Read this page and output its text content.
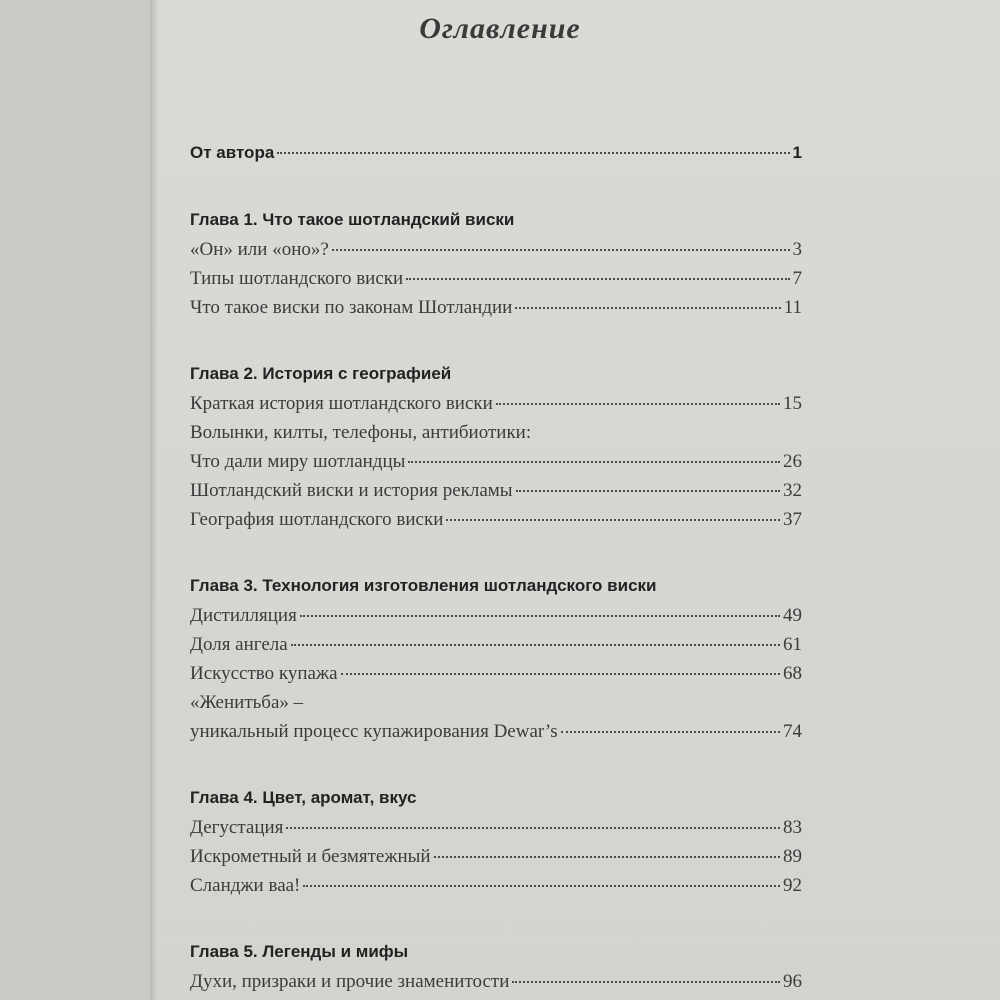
Оглавление
От автора	1
Глава 1. Что такое шотландский виски
«Он» или «оно»?	3
Типы шотландского виски	7
Что такое виски по законам Шотландии	11
Глава 2. История с географией
Краткая история шотландского виски	15
Волынки, килты, телефоны, антибиотики:
Что дали миру шотландцы	26
Шотландский виски и история рекламы	32
География шотландского виски	37
Глава 3. Технология изготовления шотландского виски
Дистилляция	49
Доля ангела	61
Искусство купажа	68
«Женитьба» –
уникальный процесс купажирования Dewar’s	74
Глава 4. Цвет, аромат, вкус
Дегустация	83
Искрометный и безмятежный	89
Сланджи ваа!	92
Глава 5. Легенды и мифы
Духи, призраки и прочие знаменитости	96
